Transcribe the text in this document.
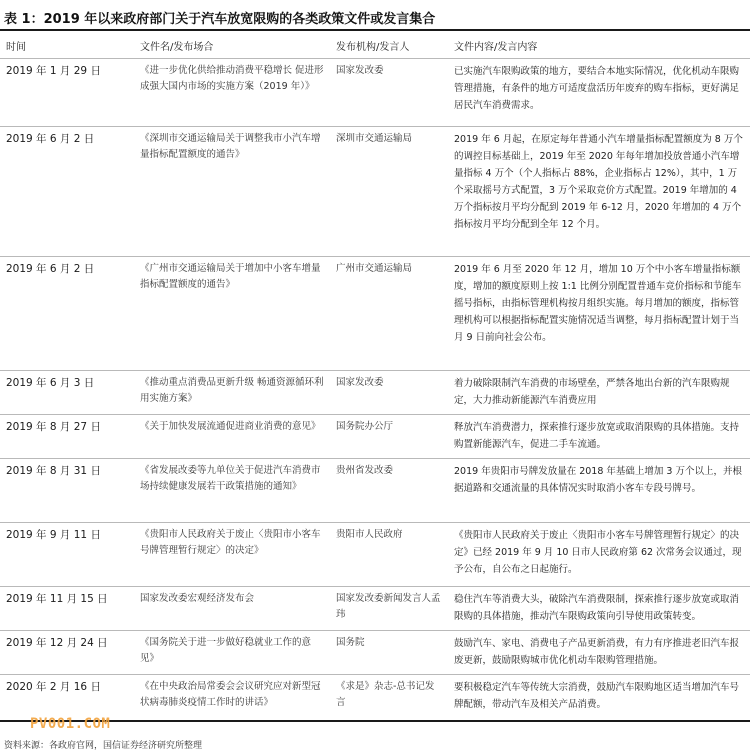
表 1：2019 年以来政府部门关于汽车放宽限购的各类政策文件或发言集合
时间	文件名/发布场合	发布机构/发言人	文件内容/发言内容
2019 年 1 月 29 日	《进一步优化供给推动消费平稳增长 促进形成强大国内市场的实施方案（2019 年）》	国家发改委	已实施汽车限购政策的地方，要结合本地实际情况，优化机动车限购管理措施，有条件的地方可适度盘活历年废弃的购车指标，更好满足居民汽车消费需求。
2019 年 6 月 2 日	《深圳市交通运输局关于调整我市小汽车增量指标配置额度的通告》	深圳市交通运输局	2019 年 6 月起，在原定每年普通小汽车增量指标配置额度为 8 万个的调控目标基础上，2019 年至 2020 年每年增加投放普通小汽车增量指标 4 万个（个人指标占 88%，企业指标占 12%），其中，1 万个采取摇号方式配置，3 万个采取竞价方式配置。2019 年增加的 4 万个指标按月平均分配到 2019 年 6-12 月，2020 年增加的 4 万个指标按月平均分配到全年 12 个月。
2019 年 6 月 2 日	《广州市交通运输局关于增加中小客车增量指标配置额度的通告》	广州市交通运输局	2019 年 6 月至 2020 年 12 月，增加 10 万个中小客车增量指标额度，增加的额度原则上按 1:1 比例分别配置普通车竞价指标和节能车摇号指标，由指标管理机构按月组织实施。每月增加的额度，指标管理机构可以根据指标配置实施情况适当调整，每月指标配置计划于当月 9 日前向社会公布。
2019 年 6 月 3 日	《推动重点消费品更新升级 畅通资源循环利用实施方案》	国家发改委	着力破除限制汽车消费的市场壁垒，严禁各地出台新的汽车限购规定，大力推动新能源汽车消费应用
2019 年 8 月 27 日	《关于加快发展流通促进商业消费的意见》	国务院办公厅	释放汽车消费潜力，探索推行逐步放宽或取消限购的具体措施。支持购置新能源汽车，促进二手车流通。
2019 年 8 月 31 日	《省发展改委等九单位关于促进汽车消费市场持续健康发展若干政策措施的通知》	贵州省发改委	2019 年贵阳市号牌发放量在 2018 年基础上增加 3 万个以上，并根据道路和交通流量的具体情况实时取消小客车专段号牌号。
2019 年 9 月 11 日	《贵阳市人民政府关于废止〈贵阳市小客车号牌管理暂行规定〉的决定》	贵阳市人民政府	《贵阳市人民政府关于废止〈贵阳市小客车号牌管理暂行规定〉的决定》已经 2019 年 9 月 10 日市人民政府第 62 次常务会议通过，现予公布，自公布之日起施行。
2019 年 11 月 15 日	国家发改委宏观经济发布会	国家发改委新闻发言人孟玮	稳住汽车等消费大头，破除汽车消费限制，探索推行逐步放宽或取消限购的具体措施，推动汽车限购政策向引导使用政策转变。
2019 年 12 月 24 日	《国务院关于进一步做好稳就业工作的意见》	国务院	鼓励汽车、家电、消费电子产品更新消费，有力有序推进老旧汽车报废更新，鼓励限购城市优化机动车限购管理措施。
2020 年 2 月 16 日	《在中央政治局常委会会议研究应对新型冠状病毒肺炎疫情工作时的讲话》	《求是》杂志-总书记发言	要积极稳定汽车等传统大宗消费，鼓励汽车限购地区适当增加汽车号牌配额，带动汽车及相关产品消费。
PV001.COM
资料来源：各政府官网，国信证券经济研究所整理
